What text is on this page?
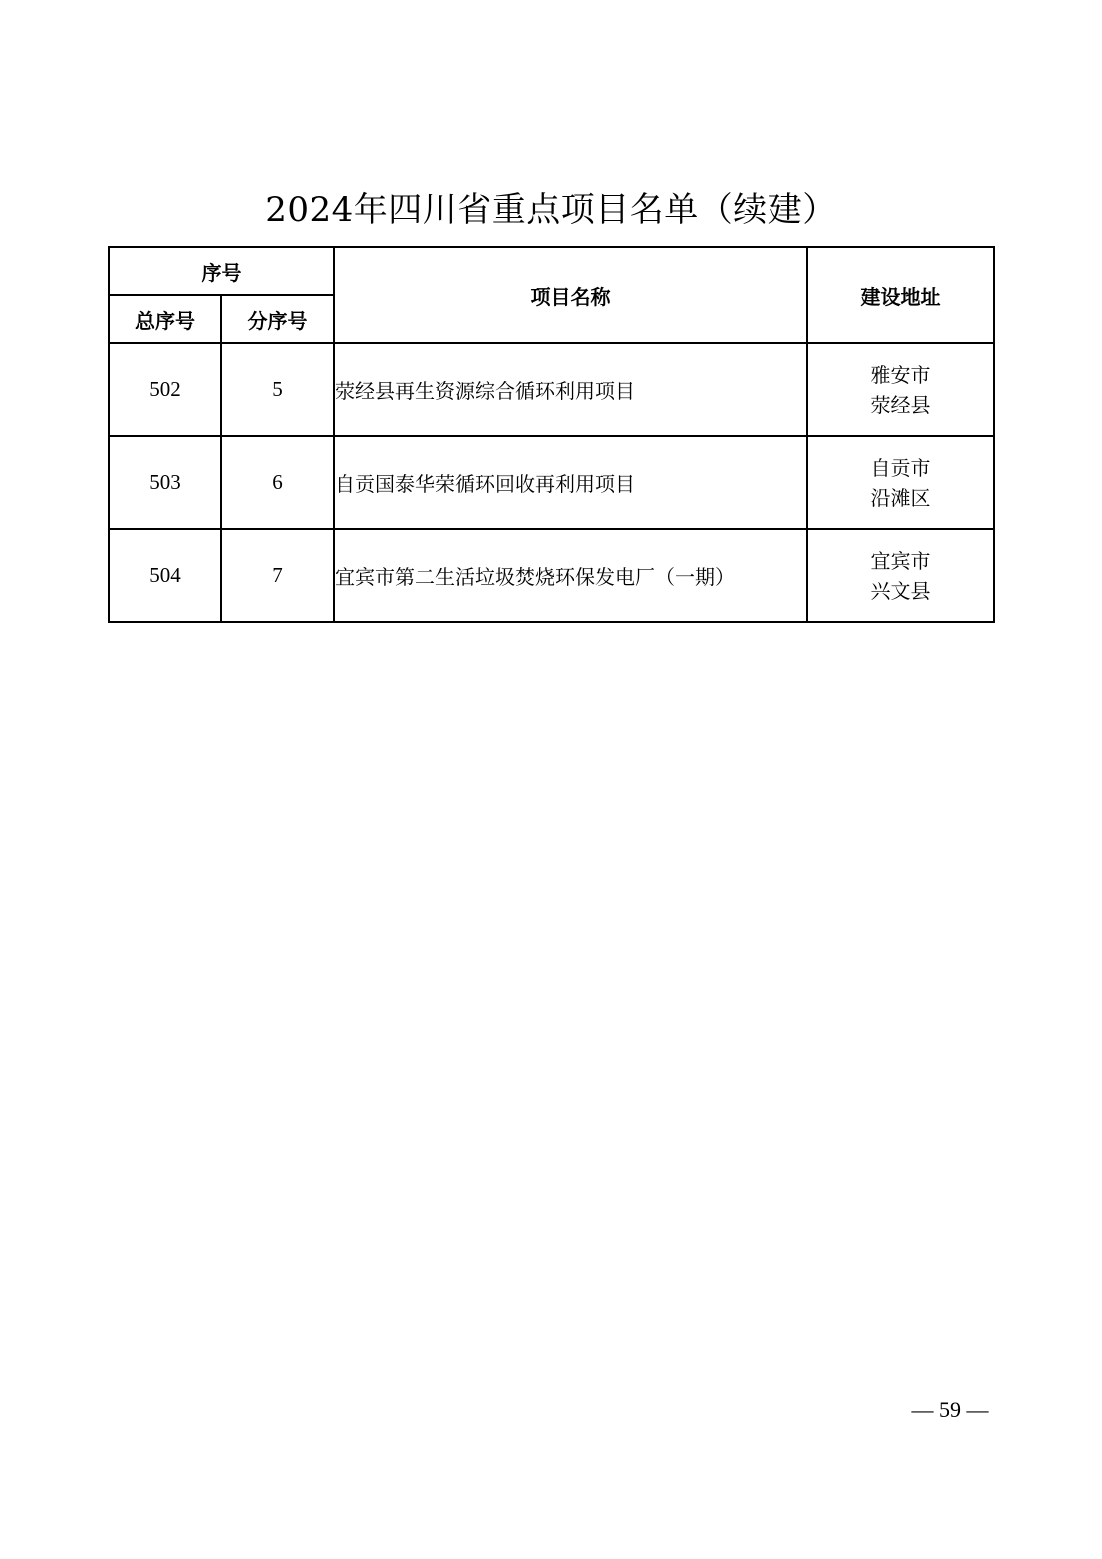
2024年四川省重点项目名单（续建）
序号		项目名称	建设地址
总序号	分序号		
502	5	荥经县再生资源综合循环利用项目	雅安市
荥经县

503	6	自贡国泰华荣循环回收再利用项目	自贡市
沿滩区

504	7	宜宾市第二生活垃圾焚烧环保发电厂（一期）	宜宾市
兴文县
— 59 —
